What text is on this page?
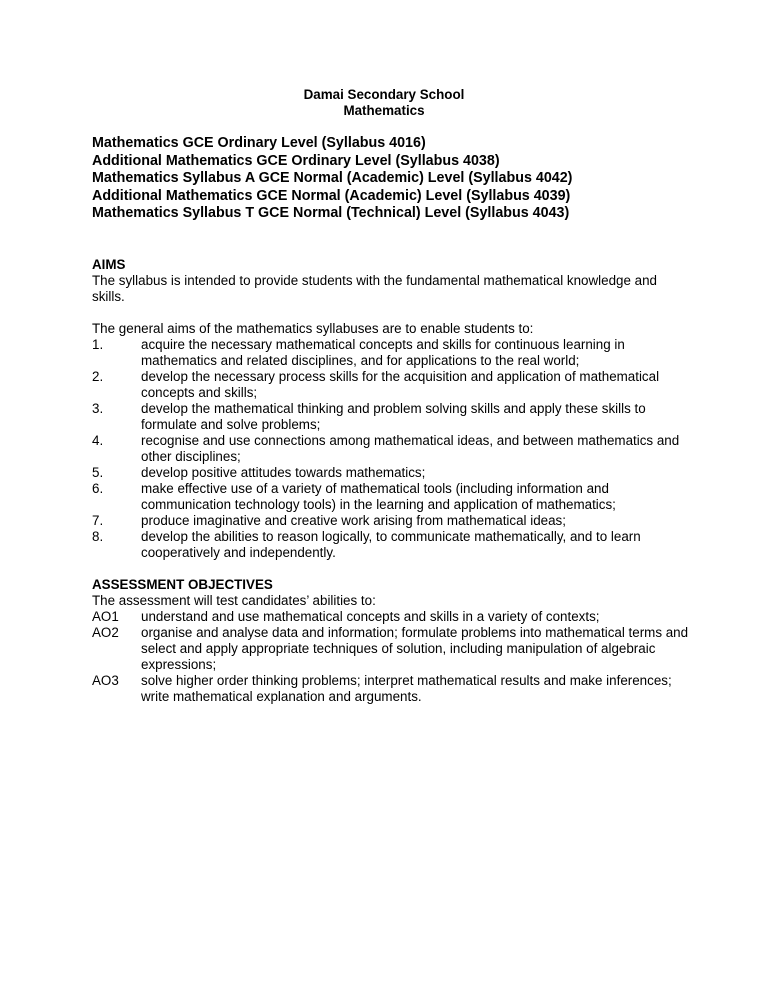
Damai Secondary School
Mathematics
Mathematics GCE Ordinary Level (Syllabus 4016)
Additional Mathematics GCE Ordinary Level (Syllabus 4038)
Mathematics Syllabus A GCE Normal (Academic) Level (Syllabus 4042)
Additional Mathematics GCE Normal (Academic) Level (Syllabus 4039)
Mathematics Syllabus T GCE Normal (Technical) Level (Syllabus 4043)
AIMS
The syllabus is intended to provide students with the fundamental mathematical knowledge and skills.
The general aims of the mathematics syllabuses are to enable students to:
1.	acquire the necessary mathematical concepts and skills for continuous learning in mathematics and related disciplines, and for applications to the real world;
2.	develop the necessary process skills for the acquisition and application of mathematical concepts and skills;
3.	develop the mathematical thinking and problem solving skills and apply these skills to formulate and solve problems;
4.	recognise and use connections among mathematical ideas, and between mathematics and other disciplines;
5.	develop positive attitudes towards mathematics;
6.	make effective use of a variety of mathematical tools (including information and communication technology tools) in the learning and application of mathematics;
7.	produce imaginative and creative work arising from mathematical ideas;
8.	develop the abilities to reason logically, to communicate mathematically, and to learn cooperatively and independently.
ASSESSMENT OBJECTIVES
The assessment will test candidates’ abilities to:
AO1	understand and use mathematical concepts and skills in a variety of contexts;
AO2	organise and analyse data and information; formulate problems into mathematical terms and select and apply appropriate techniques of solution, including manipulation of algebraic expressions;
AO3	solve higher order thinking problems; interpret mathematical results and make inferences; write mathematical explanation and arguments.
